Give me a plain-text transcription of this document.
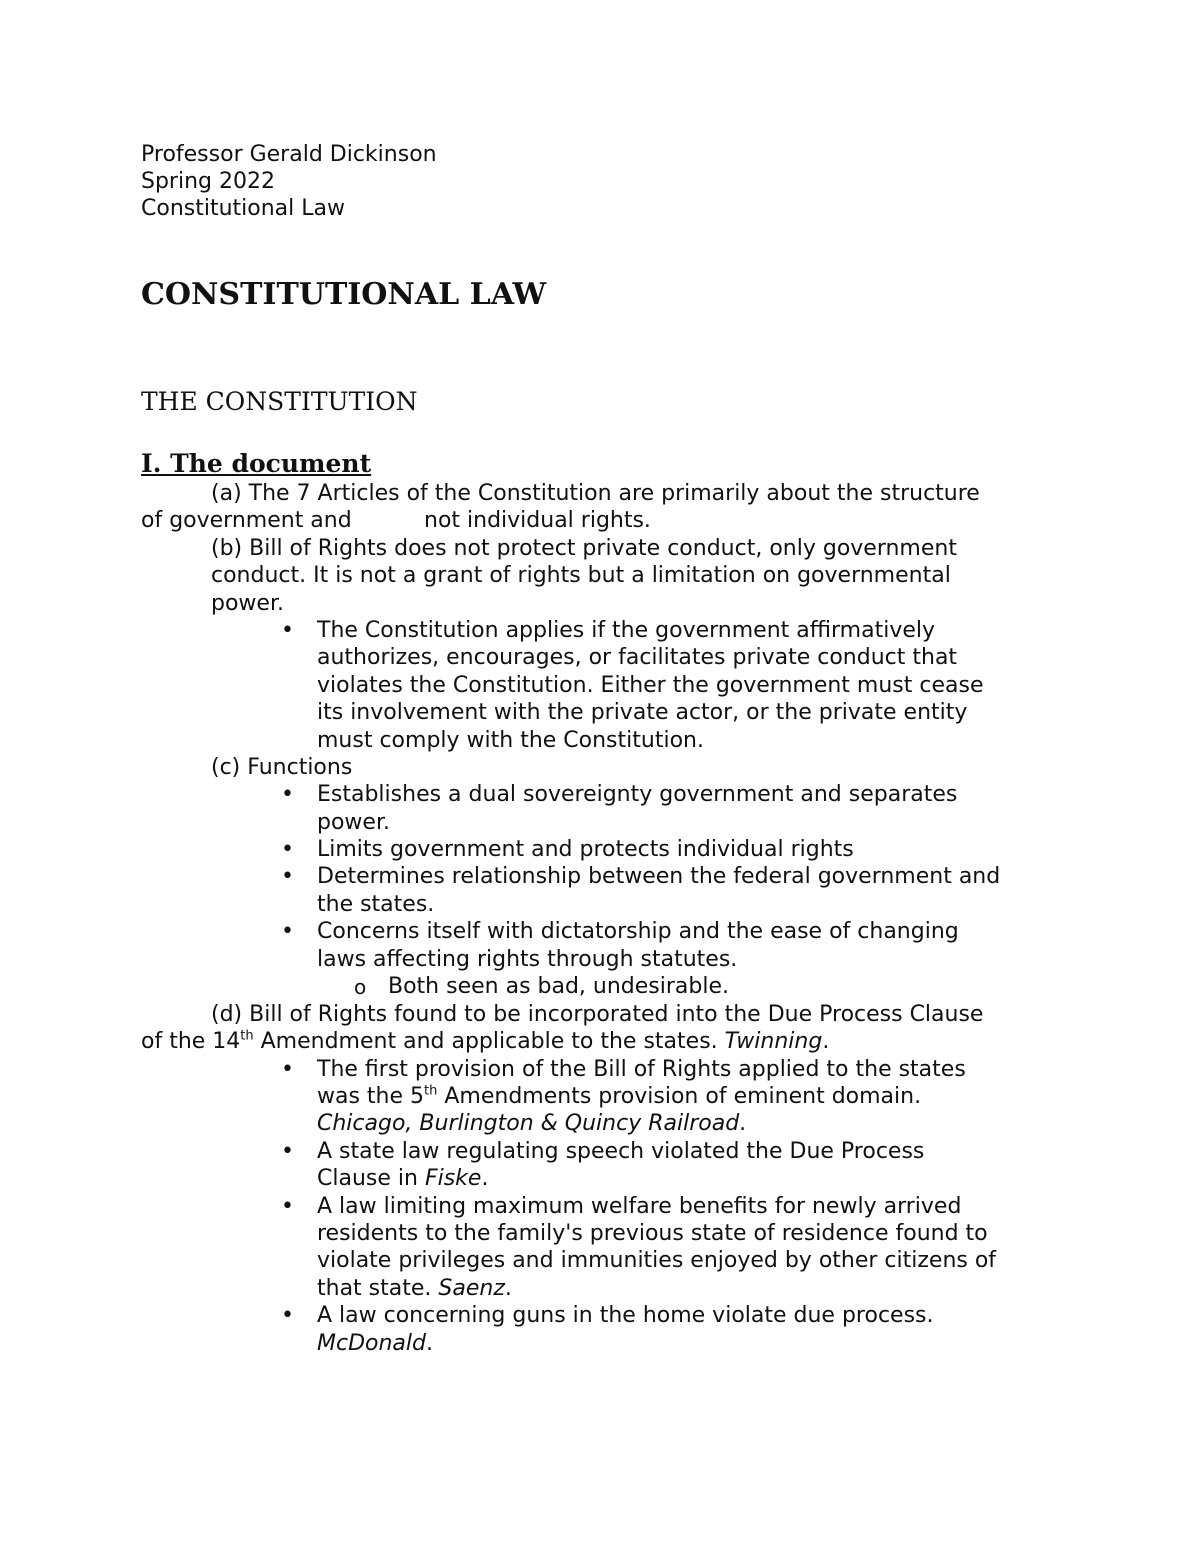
Professor Gerald Dickinson
Spring 2022
Constitutional Law
CONSTITUTIONAL LAW
THE CONSTITUTION
I. The document
(a) The 7 Articles of the Constitution are primarily about the structure
of government and	not individual rights.
(b) Bill of Rights does not protect private conduct, only government
conduct. It is not a grant of rights but a limitation on governmental
power.
• The Constitution applies if the government affirmatively
authorizes, encourages, or facilitates private conduct that
violates the Constitution. Either the government must cease
its involvement with the private actor, or the private entity
must comply with the Constitution.
(c) Functions
• Establishes a dual sovereignty government and separates
power.
• Limits government and protects individual rights
• Determines relationship between the federal government and
the states.
• Concerns itself with dictatorship and the ease of changing
laws affecting rights through statutes.
o Both seen as bad, undesirable.
(d) Bill of Rights found to be incorporated into the Due Process Clause
of the 14th Amendment and applicable to the states. Twinning.
• The first provision of the Bill of Rights applied to the states
was the 5th Amendments provision of eminent domain.
Chicago, Burlington & Quincy Railroad.
• A state law regulating speech violated the Due Process
Clause in Fiske.
• A law limiting maximum welfare benefits for newly arrived
residents to the family's previous state of residence found to
violate privileges and immunities enjoyed by other citizens of
that state. Saenz.
• A law concerning guns in the home violate due process.
McDonald.
